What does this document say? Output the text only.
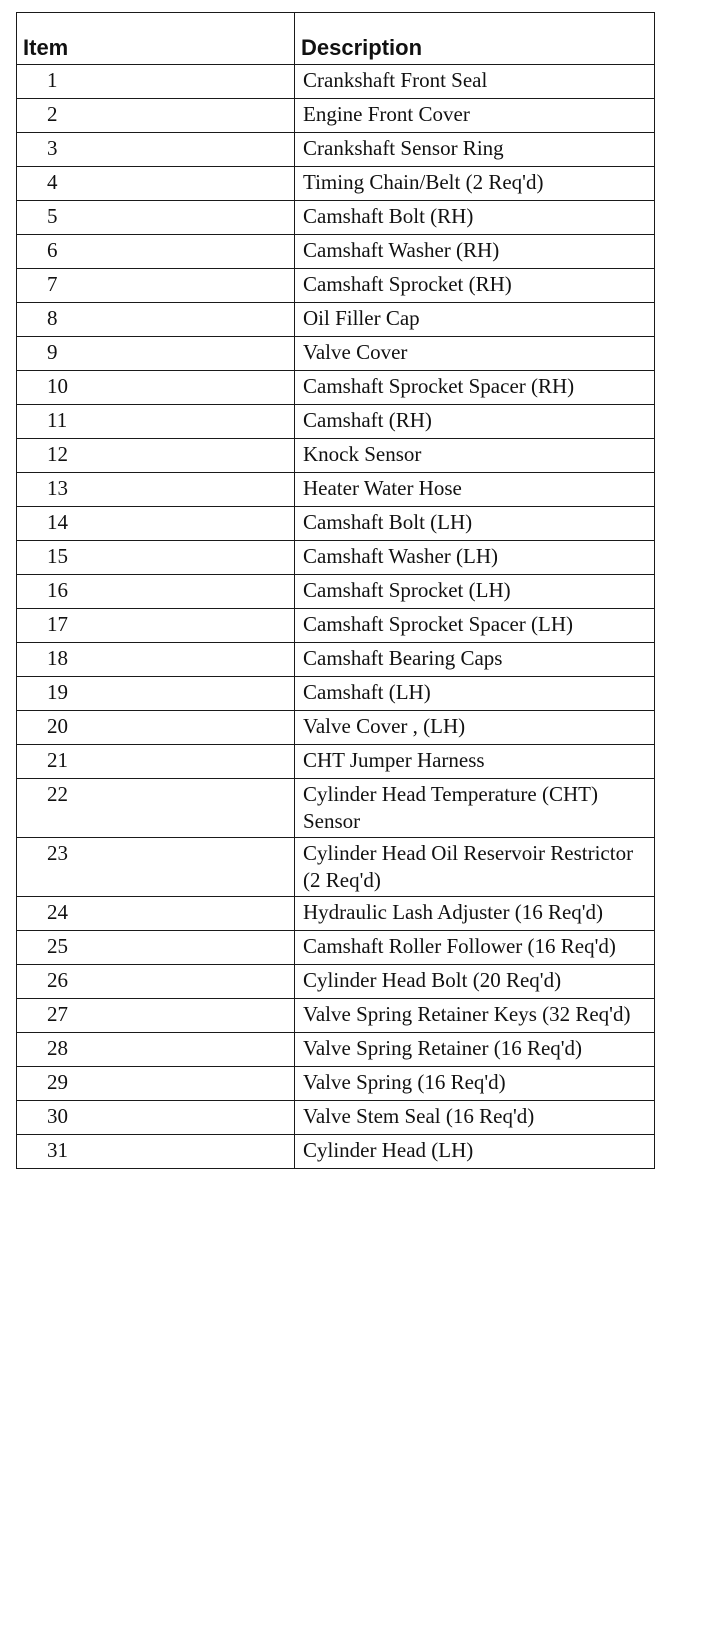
Item	Description
1	Crankshaft Front Seal
2	Engine Front Cover
3	Crankshaft Sensor Ring
4	Timing Chain/Belt (2 Req'd)
5	Camshaft Bolt (RH)
6	Camshaft Washer (RH)
7	Camshaft Sprocket (RH)
8	Oil Filler Cap
9	Valve Cover
10	Camshaft Sprocket Spacer (RH)
11	Camshaft (RH)
12	Knock Sensor
13	Heater Water Hose
14	Camshaft Bolt (LH)
15	Camshaft Washer (LH)
16	Camshaft Sprocket (LH)
17	Camshaft Sprocket Spacer (LH)
18	Camshaft Bearing Caps
19	Camshaft (LH)
20	Valve Cover , (LH)
21	CHT Jumper Harness
22	Cylinder Head Temperature (CHT) Sensor
23	Cylinder Head Oil Reservoir Restrictor (2 Req'd)
24	Hydraulic Lash Adjuster (16 Req'd)
25	Camshaft Roller Follower (16 Req'd)
26	Cylinder Head Bolt (20 Req'd)
27	Valve Spring Retainer Keys (32 Req'd)
28	Valve Spring Retainer (16 Req'd)
29	Valve Spring (16 Req'd)
30	Valve Stem Seal (16 Req'd)
31	Cylinder Head (LH)
